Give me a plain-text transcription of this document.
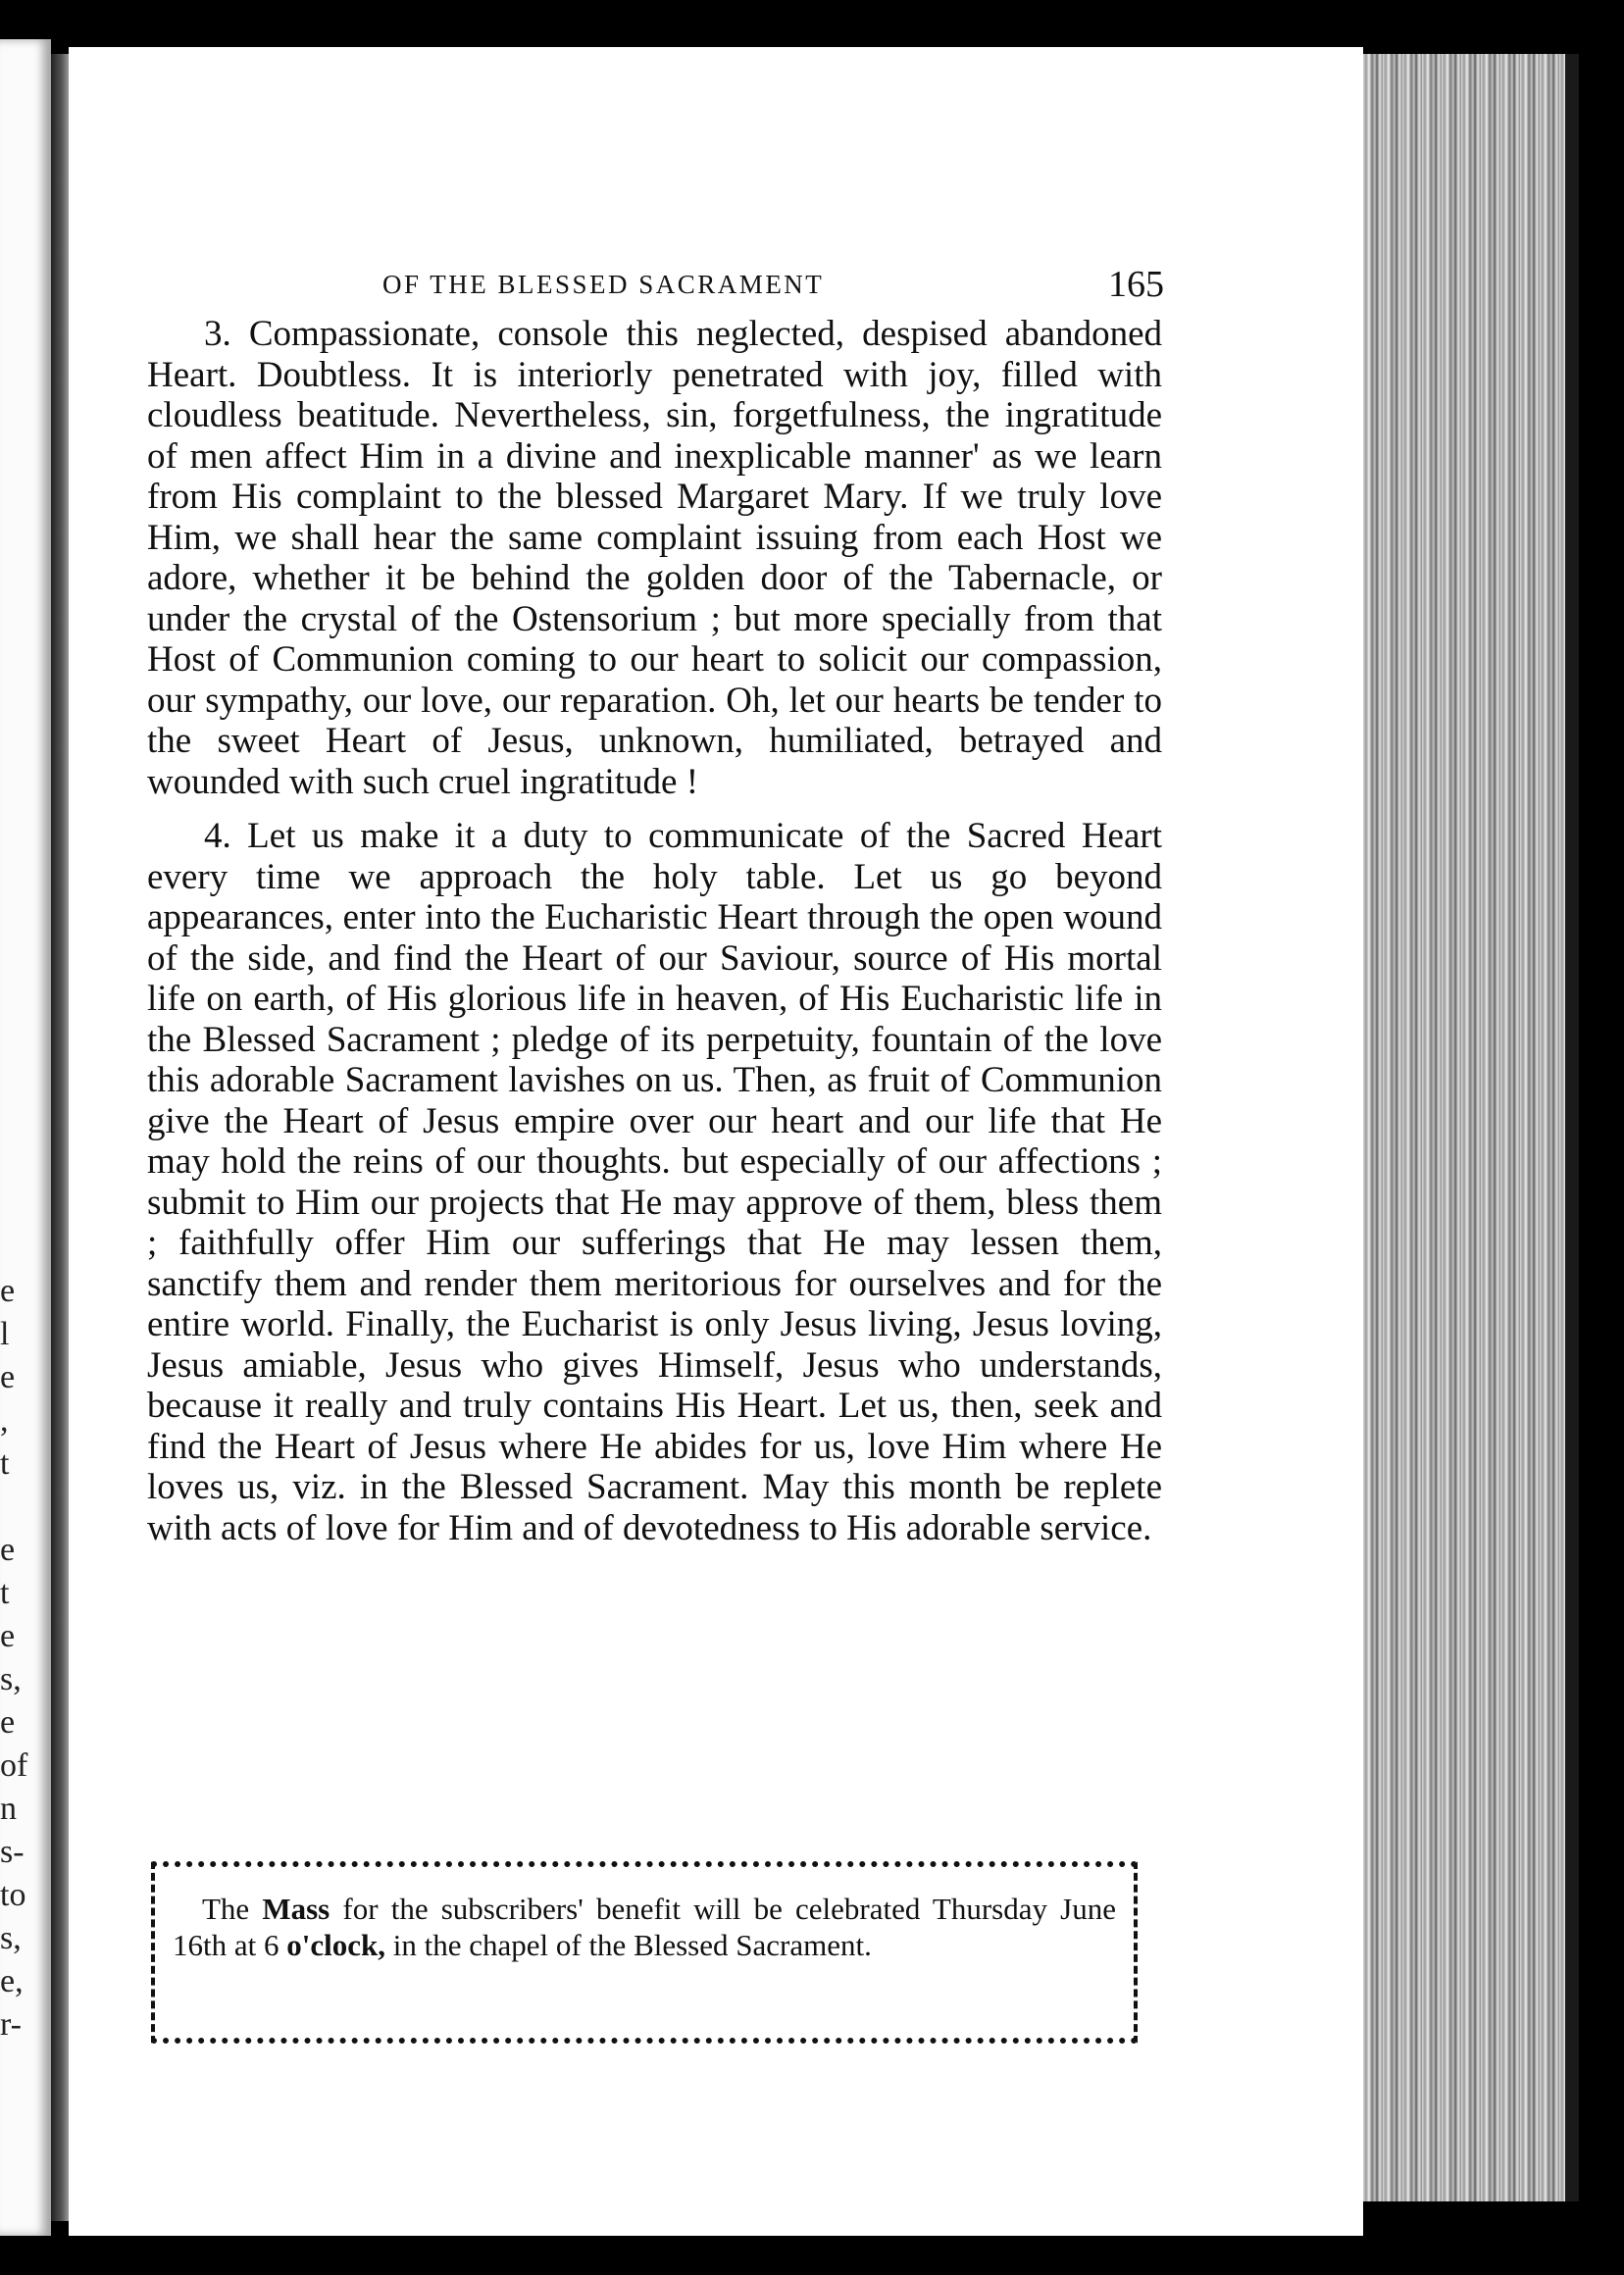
e
l
e
,
t
e
t
e
s,
e
of
n
s-
to
s,
e,
r-
OF THE BLESSED SACRAMENT	165

3. Compassionate, console this neglected, despised abandoned Heart. Doubtless. It is interiorly penetrated with joy, filled with cloudless beatitude. Nevertheless, sin, forgetfulness, the ingratitude of men affect Him in a divine and inexplicable manner' as we learn from His complaint to the blessed Margaret Mary. If we truly love Him, we shall hear the same complaint issuing from each Host we adore, whether it be behind the golden door of the Tabernacle, or under the crystal of the Ostensorium ; but more specially from that Host of Communion coming to our heart to solicit our compassion, our sympathy, our love, our reparation. Oh, let our hearts be tender to the sweet Heart of Jesus, unknown, humiliated, betrayed and wounded with such cruel ingratitude !

4. Let us make it a duty to communicate of the Sacred Heart every time we approach the holy table. Let us go beyond appearances, enter into the Eucharistic Heart through the open wound of the side, and find the Heart of our Saviour, source of His mortal life on earth, of His glorious life in heaven, of His Eucharistic life in the Blessed Sacrament ; pledge of its perpetuity, fountain of the love this adorable Sacrament lavishes on us. Then, as fruit of Communion give the Heart of Jesus empire over our heart and our life that He may hold the reins of our thoughts. but especially of our affections ; submit to Him our projects that He may approve of them, bless them ; faithfully offer Him our sufferings that He may lessen them, sanctify them and render them meritorious for ourselves and for the entire world. Finally, the Eucharist is only Jesus living, Jesus loving, Jesus amiable, Jesus who gives Himself, Jesus who understands, because it really and truly contains His Heart. Let us, then, seek and find the Heart of Jesus where He abides for us, love Him where He loves us, viz. in the Blessed Sacrament. May this month be replete with acts of love for Him and of devotedness to His adorable service.

The Mass for the subscribers' benefit will be celebrated Thursday June 16th at 6 o'clock, in the chapel of the Blessed Sacrament.
